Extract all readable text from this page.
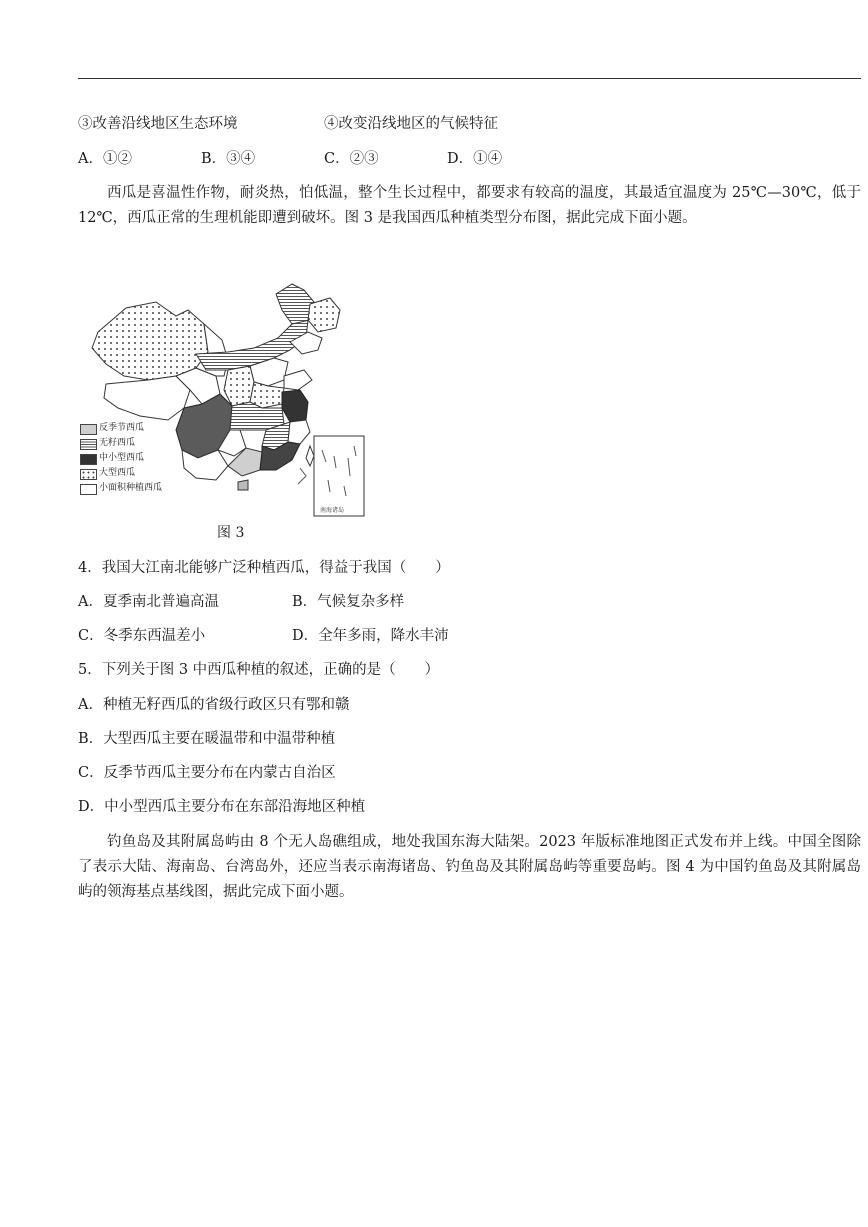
③改善沿线地区生态环境	④改变沿线地区的气候特征
A．①②	B．③④	C．②③	D．①④
西瓜是喜温性作物，耐炎热，怕低温，整个生长过程中，都要求有较高的温度，其最适宜温度为 25℃—30℃，低于 12℃，西瓜正常的生理机能即遭到破坏。图 3 是我国西瓜种植类型分布图，据此完成下面小题。
南海诸岛
反季节西瓜
无籽西瓜
中小型西瓜
大型西瓜
小面积种植西瓜
图 3
4．我国大江南北能够广泛种植西瓜，得益于我国（　　）
A．夏季南北普遍高温	B．气候复杂多样
C．冬季东西温差小	D．全年多雨，降水丰沛
5．下列关于图 3 中西瓜种植的叙述，正确的是（　　）
A．种植无籽西瓜的省级行政区只有鄂和赣
B．大型西瓜主要在暖温带和中温带种植
C．反季节西瓜主要分布在内蒙古自治区
D．中小型西瓜主要分布在东部沿海地区种植
钓鱼岛及其附属岛屿由 8 个无人岛礁组成，地处我国东海大陆架。2023 年版标准地图正式发布并上线。中国全图除了表示大陆、海南岛、台湾岛外，还应当表示南海诸岛、钓鱼岛及其附属岛屿等重要岛屿。图 4 为中国钓鱼岛及其附属岛屿的领海基点基线图，据此完成下面小题。
